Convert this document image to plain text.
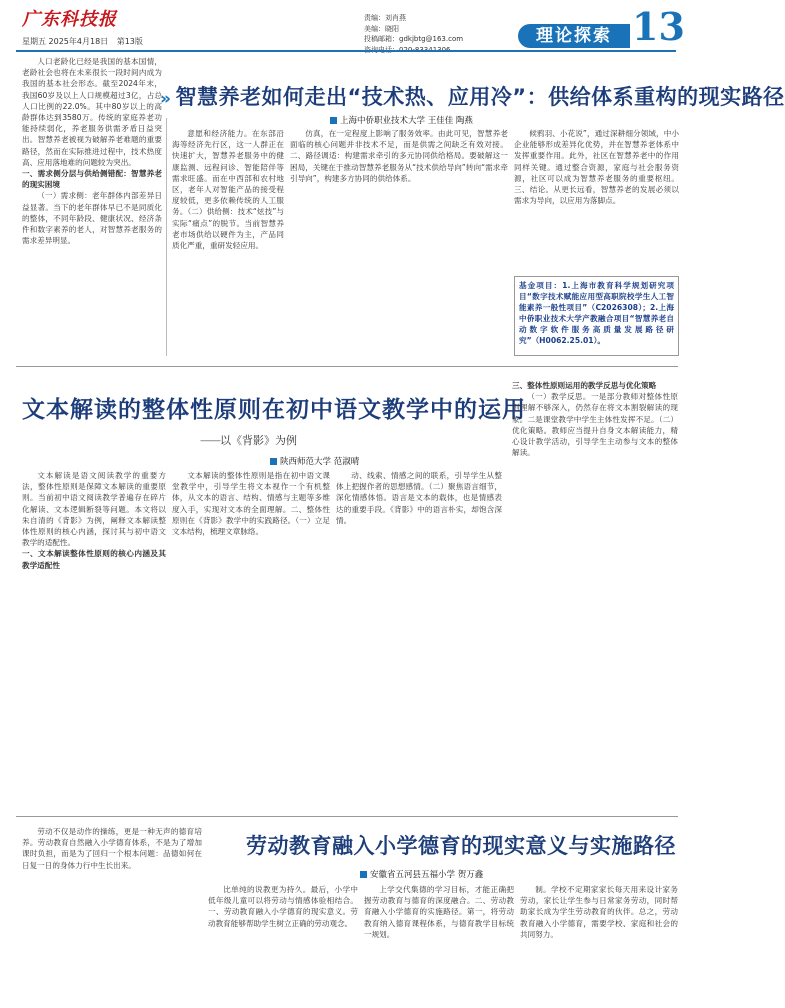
广东科技报
星期五 2025年4月18日 第13版
责编：刘肖燕
美编：晓阳
投稿邮箱：gdkjbtg@163.com	理论探索 13

人口老龄化已经是我国的基本国情，老龄社会也将在未来很长一段时间内成为我国的基本社会形态。截至2024年末，我国60岁及以上人口规模超过3亿，占总人口比例的22.0%。其中80岁以上的高龄群体达到3580万。传统的家庭养老功能持续弱化，养老服务供需矛盾日益突出。智慧养老被视为破解养老难题的重要路径，然而在实际推进过程中，技术热度高、应用落地难的问题较为突出。

一、需求侧分层与供给侧错配：智慧养老的现实困境

（一）需求侧：老年群体内部差异日益显著。当下的老年群体早已不是同质化的整体，不同年龄段、健康状况、经济条件和数字素养的老人，对智慧养老服务的需求差异明显。

» 智慧养老如何走出“技术热、应用冷”：供给体系重构的现实路径
上海中侨职业技术大学 王佳佳 陶燕

意愿和经济能力。在东部沿海等经济先行区，这一人群正在快速扩大，智慧养老服务中的健康监测、远程问诊、智能陪伴等需求旺盛。而在中西部和农村地区，老年人对智能产品的接受程度较低，更多依赖传统的人工服务。（二）供给侧：技术“炫技”与实际“痛点”的脱节。当前智慧养老市场供给以硬件为主，产品同质化严重，重研发轻应用。

仿真，在一定程度上影响了服务效率。由此可见，智慧养老面临的核心问题并非技术不足，而是供需之间缺乏有效对接。二、路径调适：构建需求牵引的多元协同供给格局。要破解这一困局，关键在于推动智慧养老服务从“技术供给导向”转向“需求牵引导向”，构建多方协同的供给体系。

候鸦羽、小花说”，通过深耕细分领域，中小企业能够形成差异化优势，并在智慧养老体系中发挥重要作用。此外，社区在智慧养老中的作用同样关键。通过整合资源，家庭与社会服务资源，社区可以成为智慧养老服务的重要枢纽。三、结论。从更长远看，智慧养老的发展必须以需求为导向，以应用为落脚点。

基金项目：1.上海市教育科学规划研究项目“数字技术赋能应用型高职院校学生人工智能素养一般性项目”（C2026308）；2.上海中侨职业技术大学产教融合项目“智慧养老自动数字软件服务高质量发展路径研究”（H0062.25.01）。
文本解读的整体性原则在初中语文教学中的运用
——以《背影》为例
陕西师范大学 范淑晴

文本解读是语文阅读教学的重要方法，整体性原则是保障文本解读的重要原则。当前初中语文阅读教学普遍存在碎片化解读、文本逻辑断裂等问题。本文将以朱自清的《背影》为例，阐释文本解读整体性原则的核心内涵，探讨其与初中语文教学的适配性。

一、文本解读整体性原则的核心内涵及其教学适配性

文本解读的整体性原则是指在初中语文课堂教学中，引导学生将文本视作一个有机整体，从文本的语言、结构、情感与主题等多维度入手，实现对文本的全面理解。二、整体性原则在《背影》教学中的实践路径。（一）立足文本结构，梳理文章脉络。

动、线索、情感之间的联系，引导学生从整体上把握作者的思想感情。（二）聚焦语言细节，深化情感体悟。语言是文本的载体，也是情感表达的重要手段。《背影》中的语言朴实，却饱含深情。

三、整体性原则运用的教学反思与优化策略

（一）教学反思。一是部分教师对整体性原则理解不够深入，仍然存在将文本割裂解读的现象。二是课堂教学中学生主体性发挥不足。（二）优化策略。教师应当提升自身文本解读能力，精心设计教学活动，引导学生主动参与文本的整体解读。

劳动不仅是动作的操练，更是一种无声的德育培养。劳动教育自然融入小学德育体系，不是为了增加课时负担，而是为了回归一个根本问题：品德如何在日复一日的身体力行中生长出来。

劳动教育融入小学德育的现实意义与实施路径
安徽省五河县五福小学 贺万鑫

比单纯的说教更为持久。最后，小学中低年级儿童可以将劳动与情感体验相结合。一、劳动教育融入小学德育的现实意义。劳动教育能够帮助学生树立正确的劳动观念。

上学交代集德的学习目标，才能正确把握劳动教育与德育的深度融合。二、劳动教育融入小学德育的实施路径。第一，将劳动教育纳入德育课程体系，与德育教学目标统一规划。

制。学校不定期家家长每天用来设计家务劳动，家长让学生参与日常家务劳动，同时帮助家长成为学生劳动教育的伙伴。总之，劳动教育融入小学德育，需要学校、家庭和社会的共同努力。
